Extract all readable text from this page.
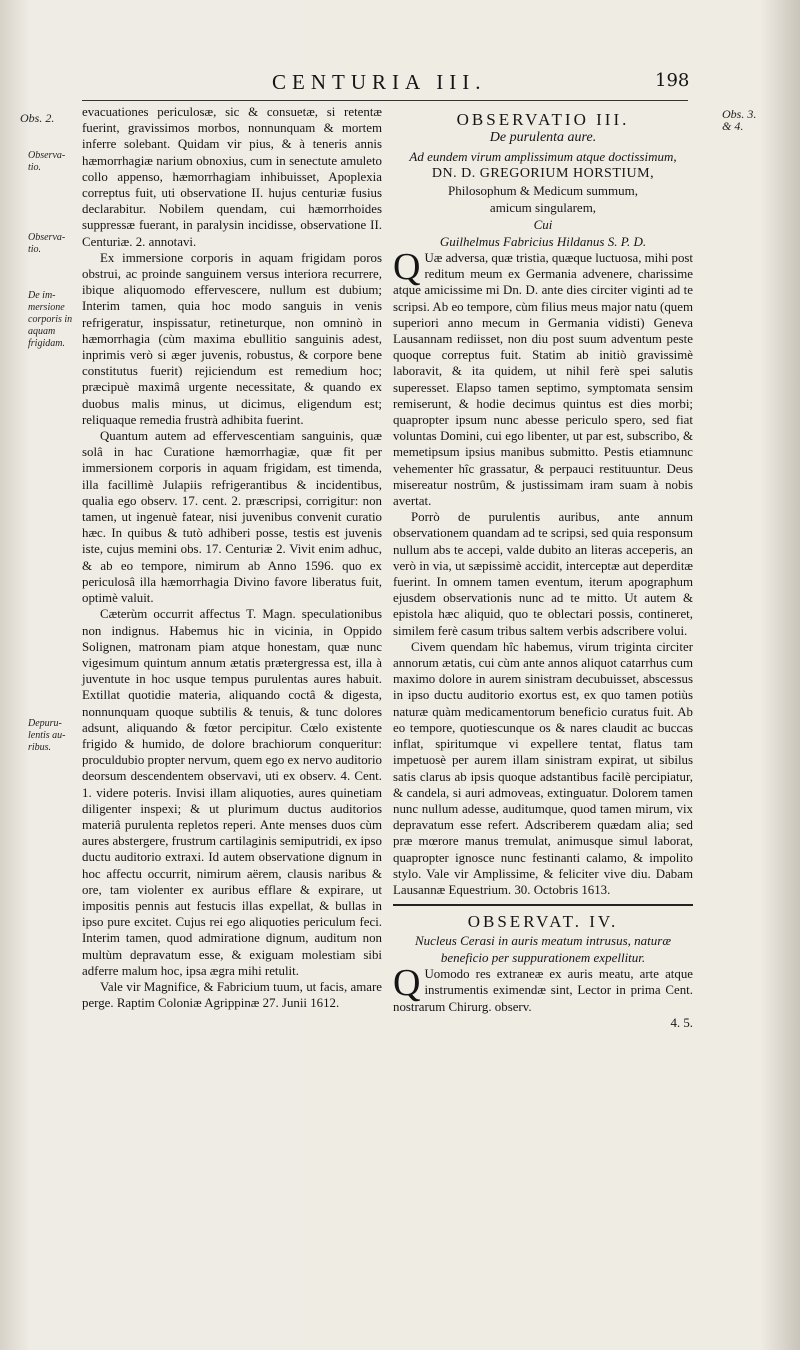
CENTURIA III.	198
Obs. 2.
Observa-tio.
Observa-tio.
De im-mersione corporis in aquam frigidam.
Depuru-lentis au-ribus.
Obs. 3. & 4.

evacuationes periculosæ, sic & consuetæ, si retentæ fuerint, gravissimos morbos, nonnunquam & mortem inferre solebant. Quidam vir pius, & à teneris annis hæmorrhagiæ narium obnoxius, cum in senectute amuleto collo appenso, hæmorrhagiam inhibuisset, Apoplexia correptus fuit, uti observatione II. hujus centuriæ fusius declarabitur. Nobilem quendam, cui hæmorrhoides suppressæ fuerant, in paralysin incidisse, observatione II. Centuriæ. 2. annotavi.

Ex immersione corporis in aquam frigidam poros obstrui, ac proinde sanguinem versus interiora recurrere, ibique aliquomodo effervescere, nullum est dubium; Interim tamen, quia hoc modo sanguis in venis refrigeratur, inspissatur, retineturque, non omninò in hæmorrhagia (cùm maxima ebullitio sanguinis adest, inprimis verò si æger juvenis, robustus, & corpore bene constitutus fuerit) rejiciendum est remedium hoc; præcipuè maximâ urgente necessitate, & quando ex duobus malis minus, ut dicimus, eligendum est; reliquaque remedia frustrà adhibita fuerint.

Quantum autem ad effervescentiam sanguinis, quæ solâ in hac Curatione hæmorrhagiæ, quæ fit per immersionem corporis in aquam frigidam, est timenda, illa facillimè Julapiis refrigerantibus & incidentibus, qualia ego observ. 17. cent. 2. præscripsi, corrigitur: non tamen, ut ingenuè fatear, nisi juvenibus convenit curatio hæc. In quibus & tutò adhiberi posse, testis est juvenis iste, cujus memini obs. 17. Centuriæ 2. Vivit enim adhuc, & ab eo tempore, nimirum ab Anno 1596. quo ex periculosâ illa hæmorrhagia Divino favore liberatus fuit, optimè valuit.

Cæterùm occurrit affectus T. Magn. speculationibus non indignus. Habemus hic in vicinia, in Oppido Solignen, matronam piam atque honestam, quæ nunc vigesimum quintum annum ætatis prætergressa est, illa à juventute in hoc usque tempus purulentas aures habuit. Extillat quotidie materia, aliquando coctâ & digesta, nonnunquam quoque subtilis & tenuis, & tunc dolores adsunt, aliquando & fœtor percipitur. Cœlo existente frigido & humido, de dolore brachiorum conqueritur: proculdubio propter nervum, quem ego ex nervo auditorio deorsum descendentem observavi, uti ex observ. 4. Cent. 1. videre poteris. Invisi illam aliquoties, aures quinetiam diligenter inspexi; & ut plurimum ductus auditorios materiâ purulenta repletos reperi. Ante menses duos cùm aures abstergere, frustrum cartilaginis semiputridi, ex ipso ductu auditorio extraxi. Id autem observatione dignum in hoc affectu occurrit, nimirum aërem, clausis naribus & ore, tam violenter ex auribus efflare & expirare, ut impositis pennis aut festucis illas expellat, & bullas in ipso pure excitet. Cujus rei ego aliquoties periculum feci. Interim tamen, quod admiratione dignum, auditum non multùm depravatum esse, & exiguam molestiam sibi adferre malum hoc, ipsa ægra mihi retulit.

Vale vir Magnifice, & Fabricium tuum, ut facis, amare perge. Raptim Coloniæ Agrippinæ 27. Junii 1612.

OBSERVATIO III.
De purulenta aure.

Ad eundem virum amplissimum atque doctissimum,

DN. D. GREGORIUM HORSTIUM,

Philosophum & Medicum summum,

amicum singularem,

Cui

Guilhelmus Fabricius Hildanus S. P. D.

Q Uæ adversa, quæ tristia, quæque luctuosa, mihi post reditum meum ex Germania advenere, charissime atque amicissime mi Dn. D. ante dies circiter viginti ad te scripsi. Ab eo tempore, cùm filius meus major natu (quem superiori anno mecum in Germania vidisti) Geneva Lausannam rediisset, non diu post suum adventum peste quoque correptus fuit. Statim ab initiò gravissimè laboravit, & ita quidem, ut nihil ferè spei salutis superesset. Elapso tamen septimo, symptomata sensim remiserunt, & hodie decimus quintus est dies morbi; quapropter ipsum nunc abesse periculo spero, sed fiat voluntas Domini, cui ego libenter, ut par est, subscribo, & memetipsum ipsius manibus submitto. Pestis etiamnunc vehementer hîc grassatur, & perpauci restituuntur. Deus misereatur nostrûm, & justissimam iram suam à nobis avertat.

Porrò de purulentis auribus, ante annum observationem quandam ad te scripsi, sed quia responsum nullum abs te accepi, valde dubito an literas acceperis, an verò in via, ut sæpissimè accidit, interceptæ aut deperditæ fuerint. In omnem tamen eventum, iterum apographum ejusdem observationis nunc ad te mitto. Ut autem & epistola hæc aliquid, quo te oblectari possis, contineret, similem ferè casum tribus saltem verbis adscribere volui.

Civem quendam hîc habemus, virum triginta circiter annorum ætatis, cui cùm ante annos aliquot catarrhus cum maximo dolore in aurem sinistram decubuisset, abscessus in ipso ductu auditorio exortus est, ex quo tamen potiùs naturæ quàm medicamentorum beneficio curatus fuit. Ab eo tempore, quotiescunque os & nares claudit ac buccas inflat, spiritumque vi expellere tentat, flatus tam impetuosè per aurem illam sinistram expirat, ut sibilus satis clarus ab ipsis quoque adstantibus facilè percipiatur, & candela, si auri admoveas, extinguatur. Dolorem tamen nunc nullum adesse, auditumque, quod tamen mirum, vix depravatum esse refert. Adscriberem quædam alia; sed præ mœrore manus tremulat, animusque simul laborat, quapropter ignosce nunc festinanti calamo, & impolito stylo. Vale vir Amplissime, & feliciter vive diu. Dabam Lausannæ Equestrium. 30. Octobris 1613.

OBSERVAT. IV.

Nucleus Cerasi in auris meatum intrusus, naturæ beneficio per suppurationem expellitur.

Q Uomodo res extraneæ ex auris meatu, arte atque instrumentis eximendæ sint, Lector in prima Cent. nostrarum Chirurg. observ.

4. 5.
